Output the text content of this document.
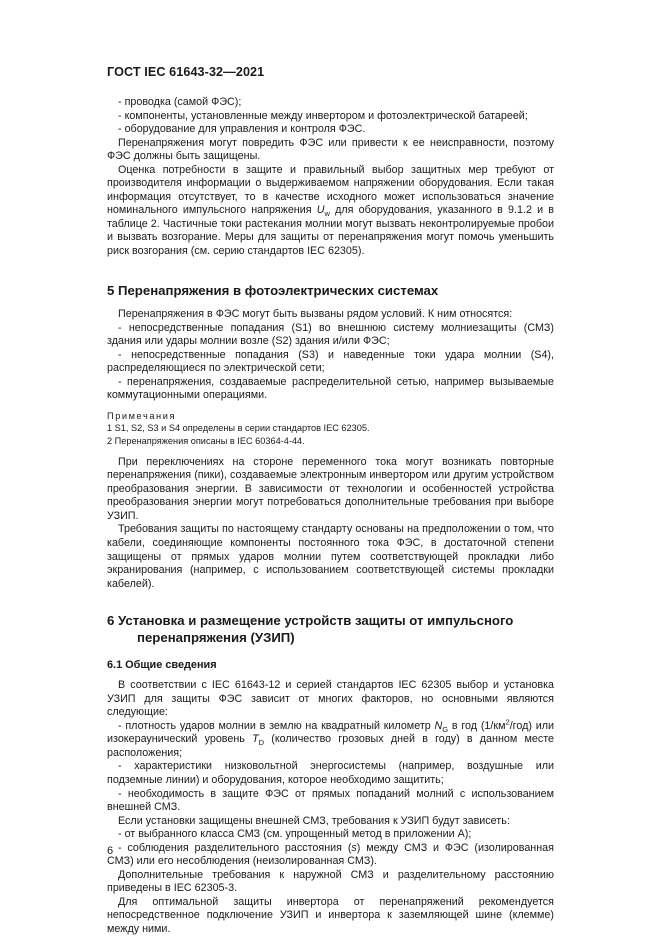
ГОСТ IEC 61643-32—2021

- проводка (самой ФЭС);

- компоненты, установленные между инвертором и фотоэлектрической батареей;

- оборудование для управления и контроля ФЭС.

Перенапряжения могут повредить ФЭС или привести к ее неисправности, поэтому ФЭС должны быть защищены.

Оценка потребности в защите и правильный выбор защитных мер требуют от производителя информации о выдерживаемом напряжении оборудования. Если такая информация отсутствует, то в качестве исходного может использоваться значение номинального импульсного напряжения $U_w$ для оборудования, указанного в 9.1.2 и в таблице 2. Частичные токи растекания молнии могут вызвать неконтролируемые пробои и вызвать возгорание. Меры для защиты от перенапряжения могут помочь уменьшить риск возгорания (см. серию стандартов IEC 62305).

5 Перенапряжения в фотоэлектрических системах

Перенапряжения в ФЭС могут быть вызваны рядом условий. К ним относятся:

- непосредственные попадания (S1) во внешнюю систему молниезащиты (СМЗ) здания или удары молнии возле (S2) здания и/или ФЭС;

- непосредственные попадания (S3) и наведенные токи удара молнии (S4), распределяющиеся по электрической сети;

- перенапряжения, создаваемые распределительной сетью, например вызываемые коммутационными операциями.

Примечания
1 S1, S2, S3 и S4 определены в серии стандартов IEC 62305.
2 Перенапряжения описаны в IEC 60364-4-44.

При переключениях на стороне переменного тока могут возникать повторные перенапряжения (пики), создаваемые электронным инвертором или другим устройством преобразования энергии. В зависимости от технологии и особенностей устройства преобразования энергии могут потребоваться дополнительные требования при выборе УЗИП.

Требования защиты по настоящему стандарту основаны на предположении о том, что кабели, соединяющие компоненты постоянного тока ФЭС, в достаточной степени защищены от прямых ударов молнии путем соответствующей прокладки либо экранирования (например, с использованием соответствующей системы прокладки кабелей).

6 Установка и размещение устройств защиты от импульсного перенапряжения (УЗИП)
6.1 Общие сведения

В соответствии с IEC 61643-12 и серией стандартов IEC 62305 выбор и установка УЗИП для защиты ФЭС зависит от многих факторов, но основными являются следующие:

- плотность ударов молнии в землю на квадратный километр $N_G$ в год $(1/км^2/год)$ или изокераунический уровень $T_D$ (количество грозовых дней в году) в данном месте расположения;

- характеристики низковольтной энергосистемы (например, воздушные или подземные линии) и оборудования, которое необходимо защитить;

- необходимость в защите ФЭС от прямых попаданий молний с использованием внешней СМЗ.

Если установки защищены внешней СМЗ, требования к УЗИП будут зависеть:

- от выбранного класса СМЗ (см. упрощенный метод в приложении А);

- соблюдения разделительного расстояния (s) между СМЗ и ФЭС (изолированная СМЗ) или его несоблюдения (неизолированная СМЗ).

Дополнительные требования к наружной СМЗ и разделительному расстоянию приведены в IEC 62305-3.

Для оптимальной защиты инвертора от перенапряжений рекомендуется непосредственное подключение УЗИП и инвертора к заземляющей шине (клемме) между ними.

6
